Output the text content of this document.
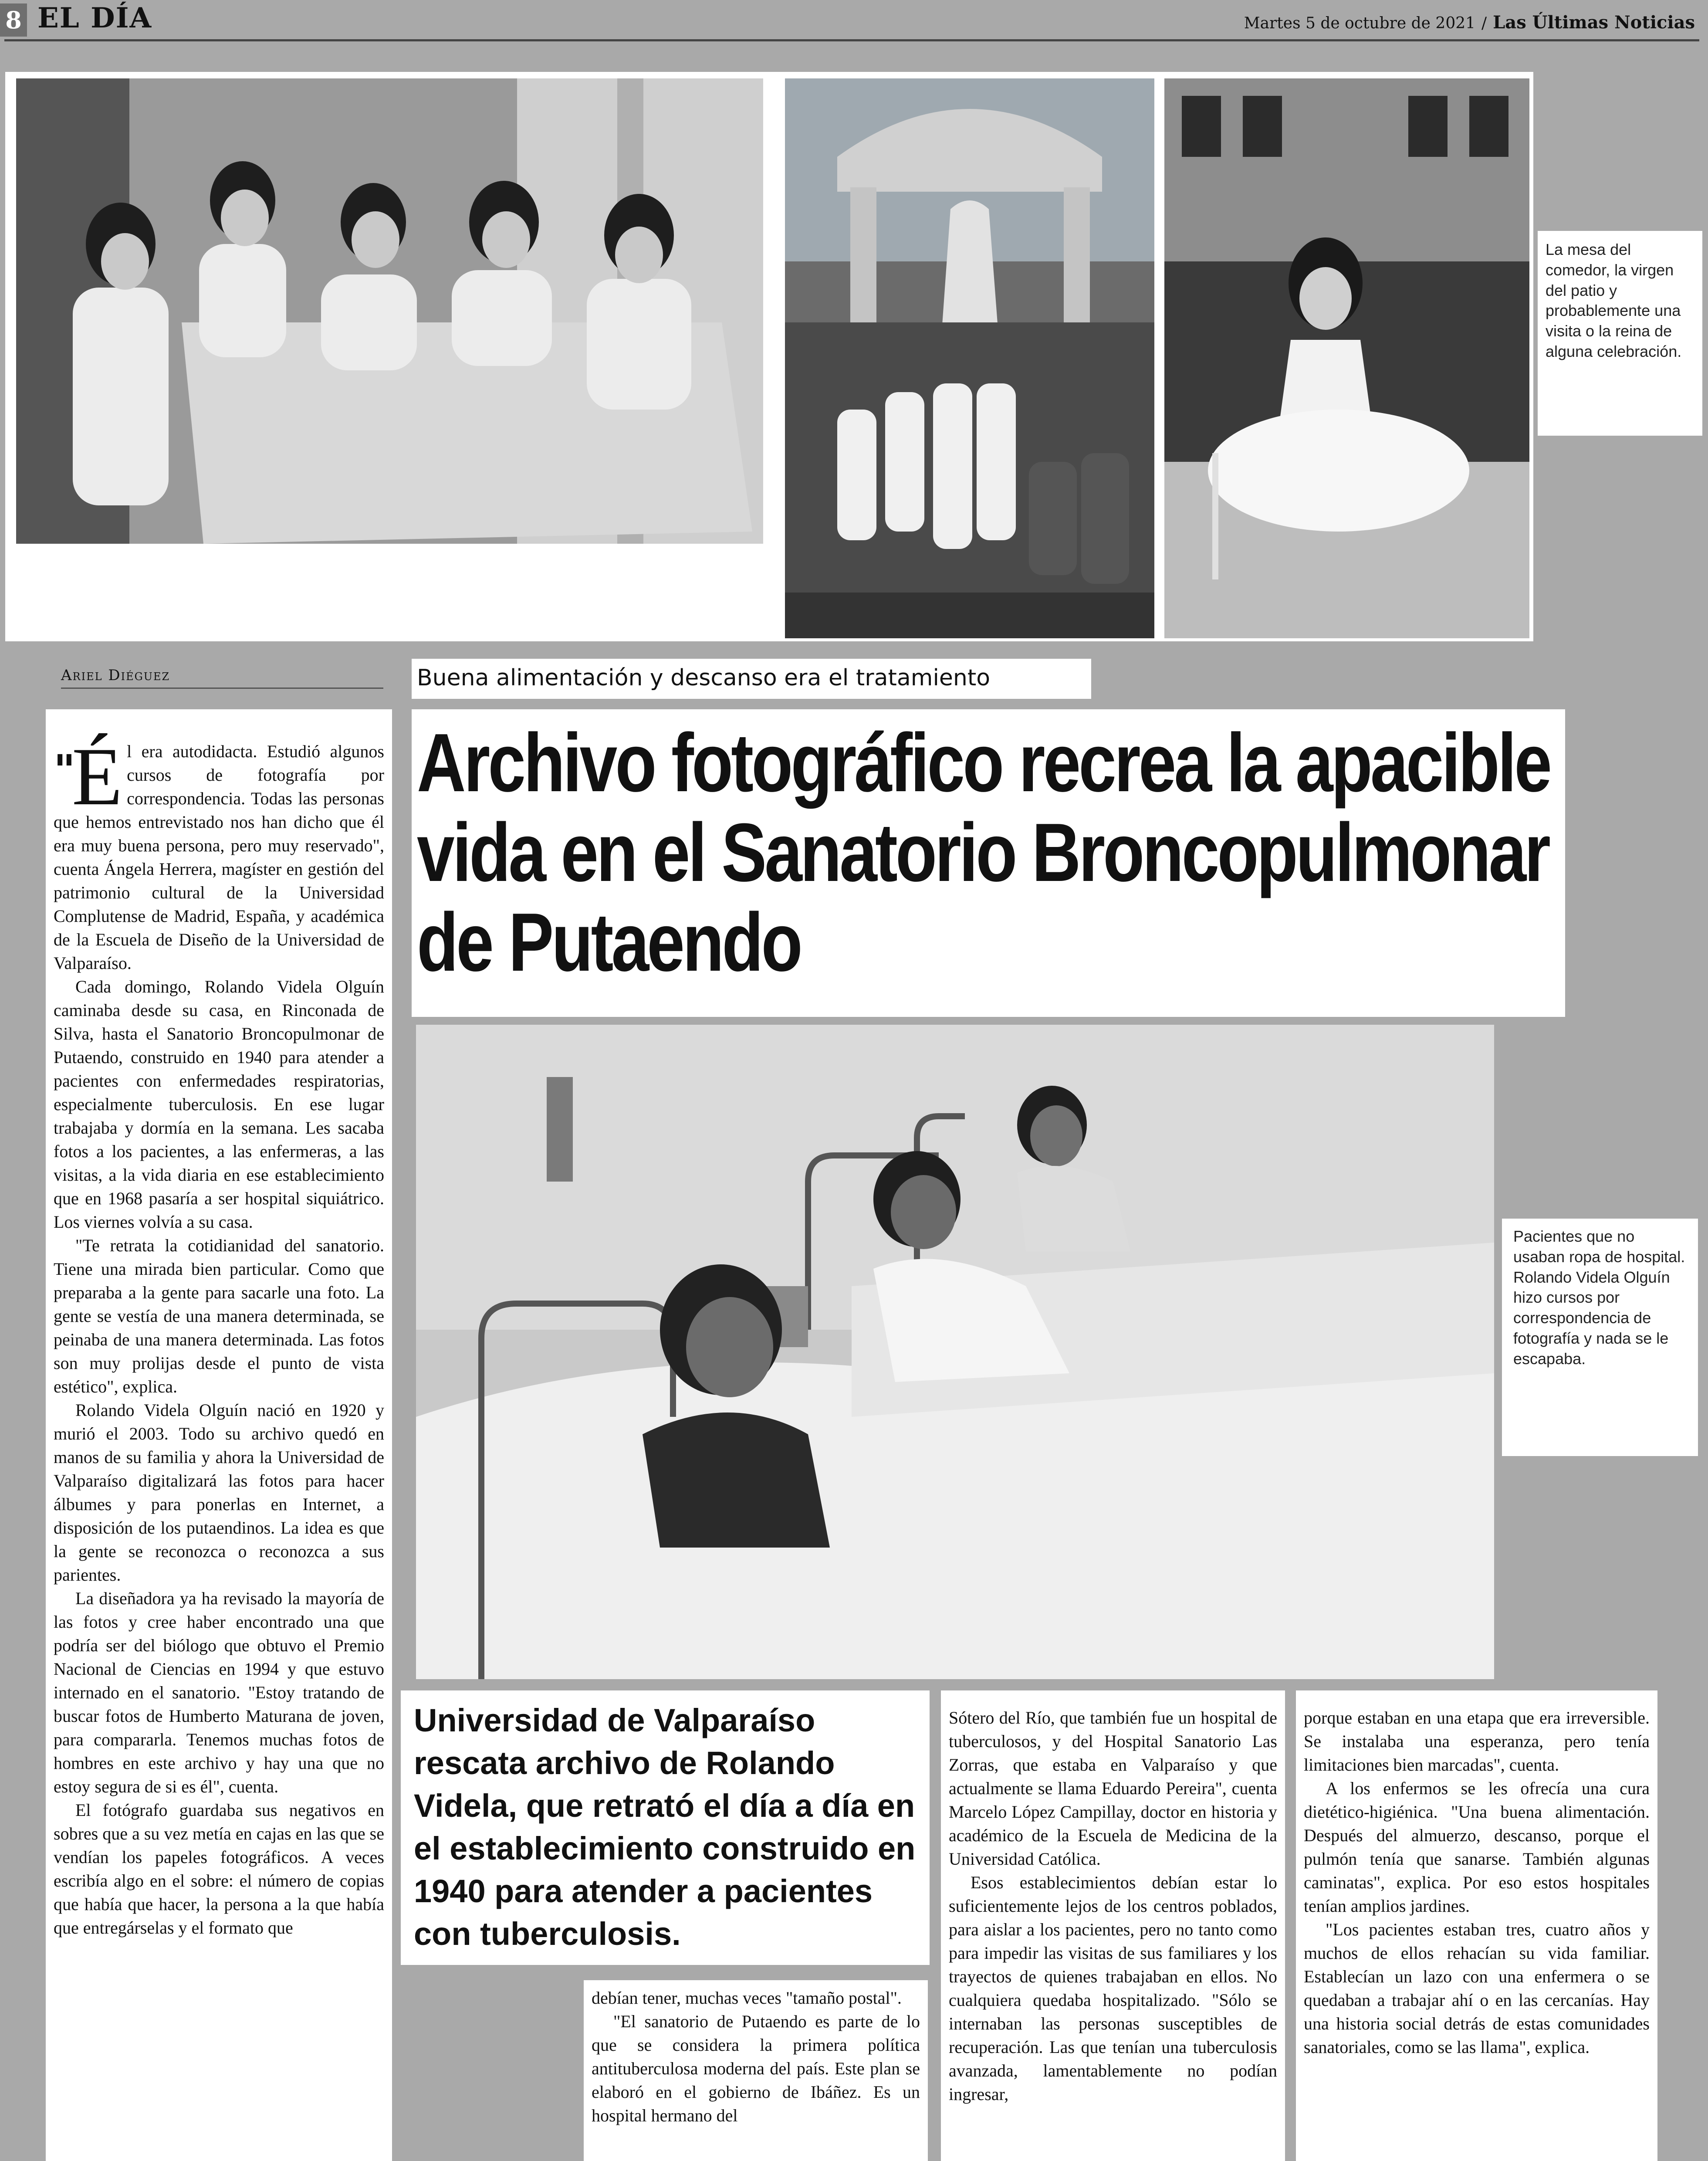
8 EL DÍA	Martes 5 de octubre de 2021 / Las Últimas Noticias
La mesa del comedor, la virgen del patio y probablemente una visita o la reina de alguna celebración.
Ariel Diéguez	Buena alimentación y descanso era el tratamiento
Archivo fotográfico recrea la apacible vida en el Sanatorio Broncopulmonar de Putaendo
Pacientes que no usaban ropa de hospital. Rolando Videla Olguín hizo cursos por correspondencia de fotografía y nada se le escapaba.

"
É l era autodidacta. Estudió algunos cursos de fotografía por correspondencia. Todas las personas que hemos entrevistado nos han dicho que él era muy buena persona, pero muy reservado", cuenta Ángela Herrera, magíster en gestión del patrimonio cultural de la Universidad Complutense de Madrid, España, y académica de la Escuela de Diseño de la Universidad de Valparaíso.

Cada domingo, Rolando Videla Olguín caminaba desde su casa, en Rinconada de Silva, hasta el Sanatorio Broncopulmonar de Putaendo, construido en 1940 para atender a pacientes con enfermedades respiratorias, especialmente tuberculosis. En ese lugar trabajaba y dormía en la semana. Les sacaba fotos a los pacientes, a las enfermeras, a las visitas, a la vida diaria en ese establecimiento que en 1968 pasaría a ser hospital siquiátrico. Los viernes volvía a su casa.

"Te retrata la cotidianidad del sanatorio. Tiene una mirada bien particular. Como que preparaba a la gente para sacarle una foto. La gente se vestía de una manera determinada, se peinaba de una manera determinada. Las fotos son muy prolijas desde el punto de vista estético", explica.

Rolando Videla Olguín nació en 1920 y murió el 2003. Todo su archivo quedó en manos de su familia y ahora la Universidad de Valparaíso digitalizará las fotos para hacer álbumes y para ponerlas en Internet, a disposición de los putaendinos. La idea es que la gente se reconozca o reconozca a sus parientes.

La diseñadora ya ha revisado la mayoría de las fotos y cree haber encontrado una que podría ser del biólogo que obtuvo el Premio Nacional de Ciencias en 1994 y que estuvo internado en el sanatorio. "Estoy tratando de buscar fotos de Humberto Maturana de joven, para compararla. Tenemos muchas fotos de hombres en este archivo y hay una que no estoy segura de si es él", cuenta.

El fotógrafo guardaba sus negativos en sobres que a su vez metía en cajas en las que se vendían los papeles fotográficos. A veces escribía algo en el sobre: el número de copias que había que hacer, la persona a la que había que entregárselas y el formato que

Universidad de Valparaíso rescata archivo de Rolando Videla, que retrató el día a día en el establecimiento construido en 1940 para atender a pacientes con tuberculosis.

debían tener, muchas veces "tamaño postal".

"El sanatorio de Putaendo es parte de lo que se considera la primera política antituberculosa moderna del país. Este plan se elaboró en el gobierno de Ibáñez. Es un hospital hermano del

Sótero del Río, que también fue un hospital de tuberculosos, y del Hospital Sanatorio Las Zorras, que estaba en Valparaíso y que actualmente se llama Eduardo Pereira", cuenta Marcelo López Campillay, doctor en historia y académico de la Escuela de Medicina de la Universidad Católica.

Esos establecimientos debían estar lo suficientemente lejos de los centros poblados, para aislar a los pacientes, pero no tanto como para impedir las visitas de sus familiares y los trayectos de quienes trabajaban en ellos. No cualquiera quedaba hospitalizado. "Sólo se internaban las personas susceptibles de recuperación. Las que tenían una tuberculosis avanzada, lamentablemente no podían ingresar,

porque estaban en una etapa que era irreversible. Se instalaba una esperanza, pero tenía limitaciones bien marcadas", cuenta.

A los enfermos se les ofrecía una cura dietético-higiénica. "Una buena alimentación. Después del almuerzo, descanso, porque el pulmón tenía que sanarse. También algunas caminatas", explica. Por eso estos hospitales tenían amplios jardines.

"Los pacientes estaban tres, cuatro años y muchos de ellos rehacían su vida familiar. Establecían un lazo con una enfermera o se quedaban a trabajar ahí o en las cercanías. Hay una historia social detrás de estas comunidades sanatoriales, como se las llama", explica.
